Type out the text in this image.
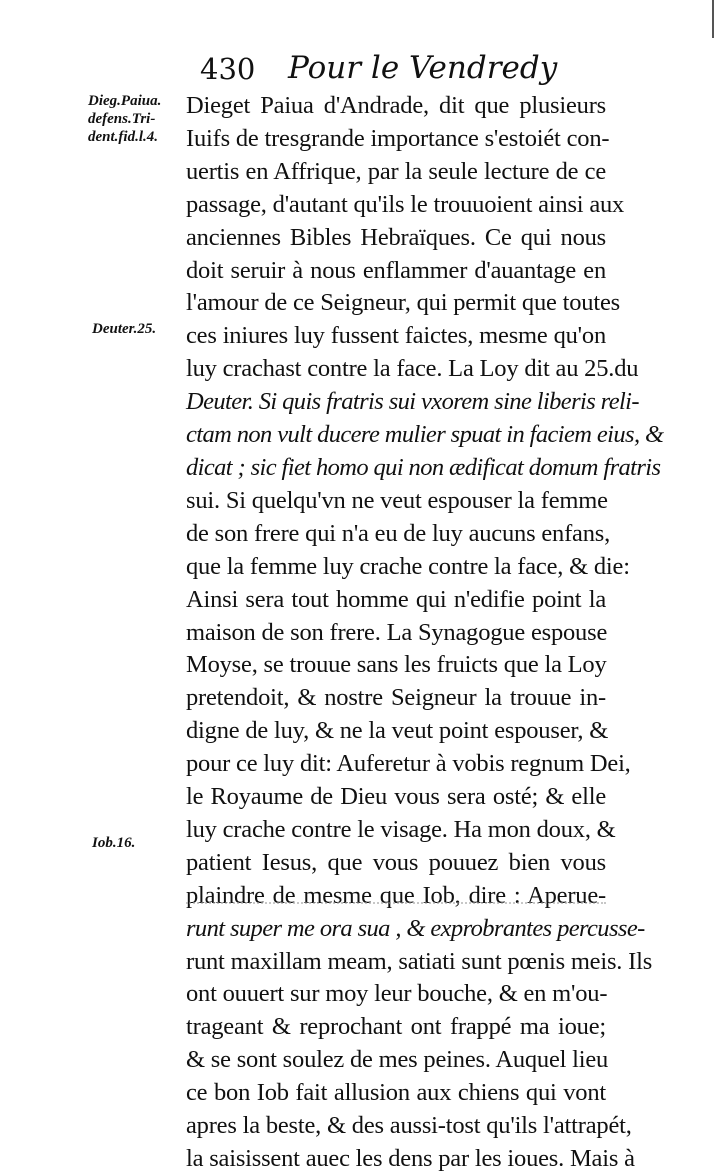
430 Pour le Vendredy
Dieg.Paiua.
defens.Tri-
dent.fid.l.4.
Deuter.25.
Iob.16.
Dieget Paiua d'Andrade, dit que plusieurs
Iuifs de tresgrande importance s'estoiét con-
uertis en Affrique, par la seule lecture de ce
passage, d'autant qu'ils le trouuoient ainsi aux
anciennes Bibles Hebraïques. Ce qui nous
doit seruir à nous enflammer d'auantage en
l'amour de ce Seigneur, qui permit que toutes
ces iniures luy fussent faictes, mesme qu'on
luy crachast contre la face. La Loy dit au 25.du
Deuter. Si quis fratris sui vxorem sine liberis reli-
ctam non vult ducere mulier spuat in faciem eius, &
dicat ; sic fiet homo qui non ædificat domum fratris
sui. Si quelqu'vn ne veut espouser la femme
de son frere qui n'a eu de luy aucuns enfans,
que la femme luy crache contre la face, & die:
Ainsi sera tout homme qui n'edifie point la
maison de son frere. La Synagogue espouse
Moyse, se trouue sans les fruicts que la Loy
pretendoit, & nostre Seigneur la trouue in-
digne de luy, & ne la veut point espouser, &
pour ce luy dit: Auferetur à vobis regnum Dei,
le Royaume de Dieu vous sera osté; & elle
luy crache contre le visage. Ha mon doux, &
patient Iesus, que vous pouuez bien vous
plaindre de mesme que Iob, dire : Aperue-
runt super me ora sua , & exprobrantes percusse-
runt maxillam meam, satiati sunt pœnis meis. Ils
ont ouuert sur moy leur bouche, & en m'ou-
trageant & reprochant ont frappé ma ioue;
& se sont soulez de mes peines. Auquel lieu
ce bon Iob fait allusion aux chiens qui vont
apres la beste, & des aussi-tost qu'ils l'attrapét,
la saisissent auec les dens par les ioues. Mais à
